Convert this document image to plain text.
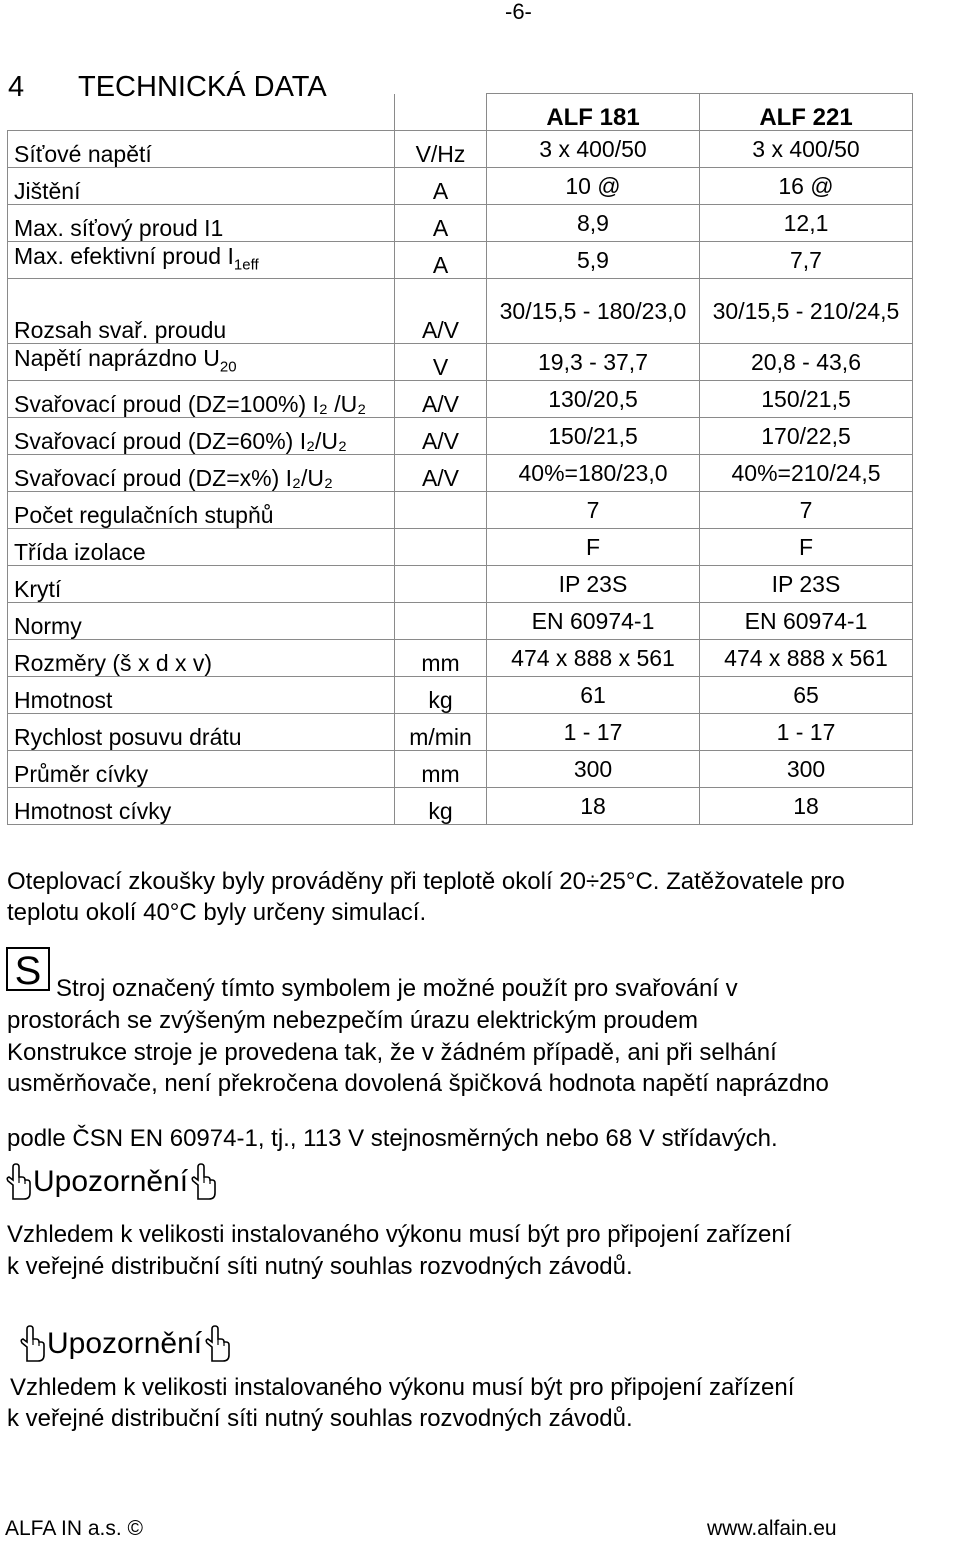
-6-
4 TECHNICKÁ DATA
		ALF 181	ALF 221
Síťové napětí	V/Hz	3 x 400/50	3 x 400/50
Jištění	A	10 @	16 @
Max. síťový proud I1	A	8,9	12,1
Max. efektivní proud $I_{1eff}$	A	5,9	7,7
Rozsah svař. proudu	A/V	30/15,5 - 180/23,0	30/15,5 - 210/24,5
Napětí naprázdno $U_{20}$	V	19,3 - 37,7	20,8 - 43,6
Svařovací proud (DZ=100%) I₂ /U₂	A/V	130/20,5	150/21,5
Svařovací proud (DZ=60%) I₂/U₂	A/V	150/21,5	170/22,5
Svařovací proud (DZ=x%) I₂/U₂	A/V	40%=180/23,0	40%=210/24,5
Počet regulačních stupňů		7	7
Třída izolace		F	F
Krytí		IP 23S	IP 23S
Normy		EN 60974-1	EN 60974-1
Rozměry (š x d x v)	mm	474 x 888 x 561	474 x 888 x 561
Hmotnost	kg	61	65
Rychlost posuvu drátu	m/min	1 - 17	1 - 17
Průměr cívky	mm	300	300
Hmotnost cívky	kg	18	18
Oteplovací zkoušky byly prováděny při teplotě okolí 20÷25°C. Zatěžovatele pro
teplotu okolí 40°C byly určeny simulací.
S Stroj označený tímto symbolem je možné použít pro svařování v
prostorách se zvýšeným nebezpečím úrazu elektrickým proudem
Konstrukce stroje je provedena tak, že v žádném případě, ani při selhání
usměrňovače, není překročena dovolená špičková hodnota napětí naprázdno
podle ČSN EN 60974-1, tj., 113 V stejnosměrných nebo 68 V střídavých.
Upozornění
Vzhledem k velikosti instalovaného výkonu musí být pro připojení zařízení
k veřejné distribuční síti nutný souhlas rozvodných závodů.
Upozornění
Vzhledem k velikosti instalovaného výkonu musí být pro připojení zařízení
k veřejné distribuční síti nutný souhlas rozvodných závodů.
ALFA IN a.s. ©	www.alfain.eu
